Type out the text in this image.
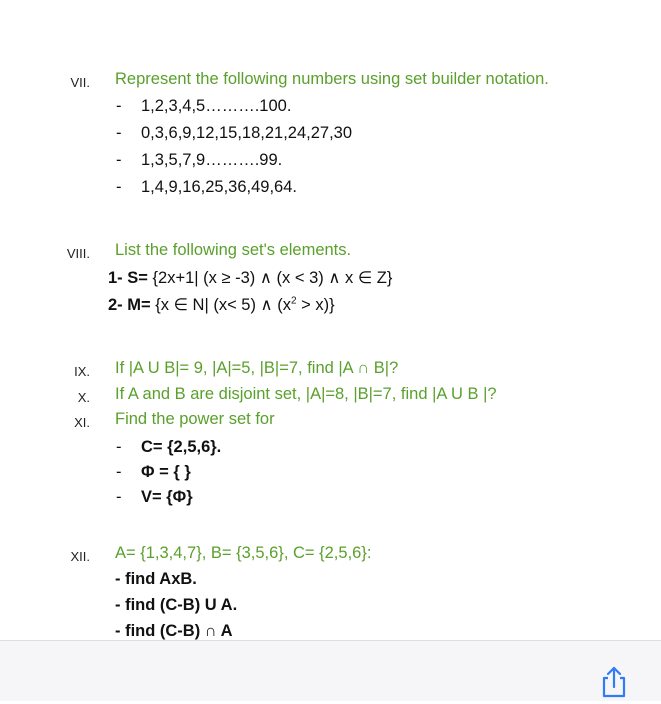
VII. Represent the following numbers using set builder notation.
- 1,2,3,4,5……….100.
- 0,3,6,9,12,15,18,21,24,27,30
- 1,3,5,7,9……….99.
- 1,4,9,16,25,36,49,64.
VIII. List the following set's elements.
1- S= {2x+1| (x ≥ -3) ∧ (x < 3) ∧ x ∈ Z}
2- M= {x ∈ N| (x< 5) ∧ $(x^2 > x)$}
IX. If |A U B|= 9, |A|=5, |B|=7, find |A ∩ B|?
X. If A and B are disjoint set, |A|=8, |B|=7, find |A U B |?
XI. Find the power set for
- C= {2,5,6}.
- Φ = { }
- V= {Φ}
XII. A= {1,3,4,7}, B= {3,5,6}, C= {2,5,6}:
- find AxB.
- find (C-B) U A.
- find (C-B) ∩ A
